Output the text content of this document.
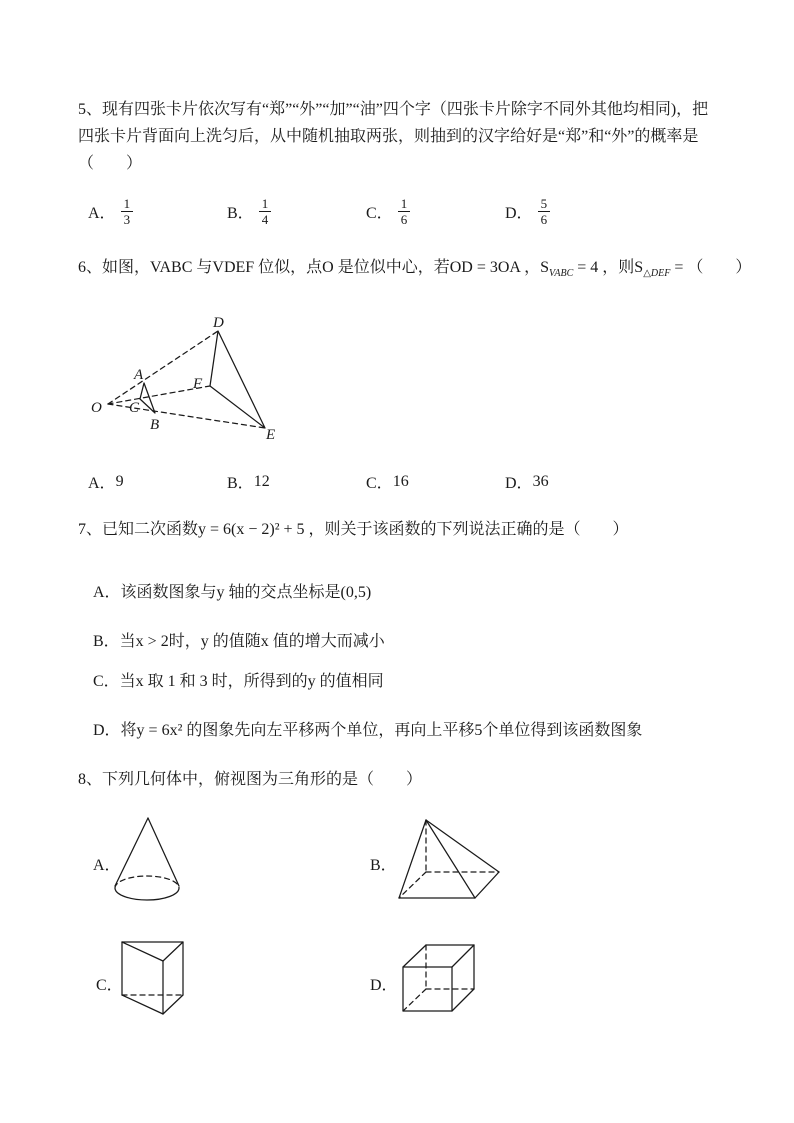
5、现有四张卡片依次写有“郑”“外”“加”“油”四个字（四张卡片除字不同外其他均相同)，把
四张卡片背面向上洗匀后，从中随机抽取两张，则抽到的汉字给好是“郑”和“外”的概率是
（　　）
A． $\frac{1}{3}$	B． $\frac{1}{4}$	C． $\frac{1}{6}$	D． $\frac{5}{6}$
6、如图，VABC 与VDEF 位似，点O 是位似中心，若OD = 3OA ，$S_{VABC} = 4$ ，则$S_{\triangle DEF}$ = （　　）
O
A
B
C
D
E
F
A． 9	B． 12	C． 16	D． 36
7、已知二次函数y = 6(x − 2)² + 5 ，则关于该函数的下列说法正确的是（　　）
A．该函数图象与y 轴的交点坐标是(0,5)
B．当x > 2时，y 的值随x 值的增大而减小
C．当x 取 1 和 3 时，所得到的y 的值相同
D．将y = 6x² 的图象先向左平移两个单位，再向上平移5个单位得到该函数图象
8、下列几何体中，俯视图为三角形的是（　　）
A．	B．
C．	D．
